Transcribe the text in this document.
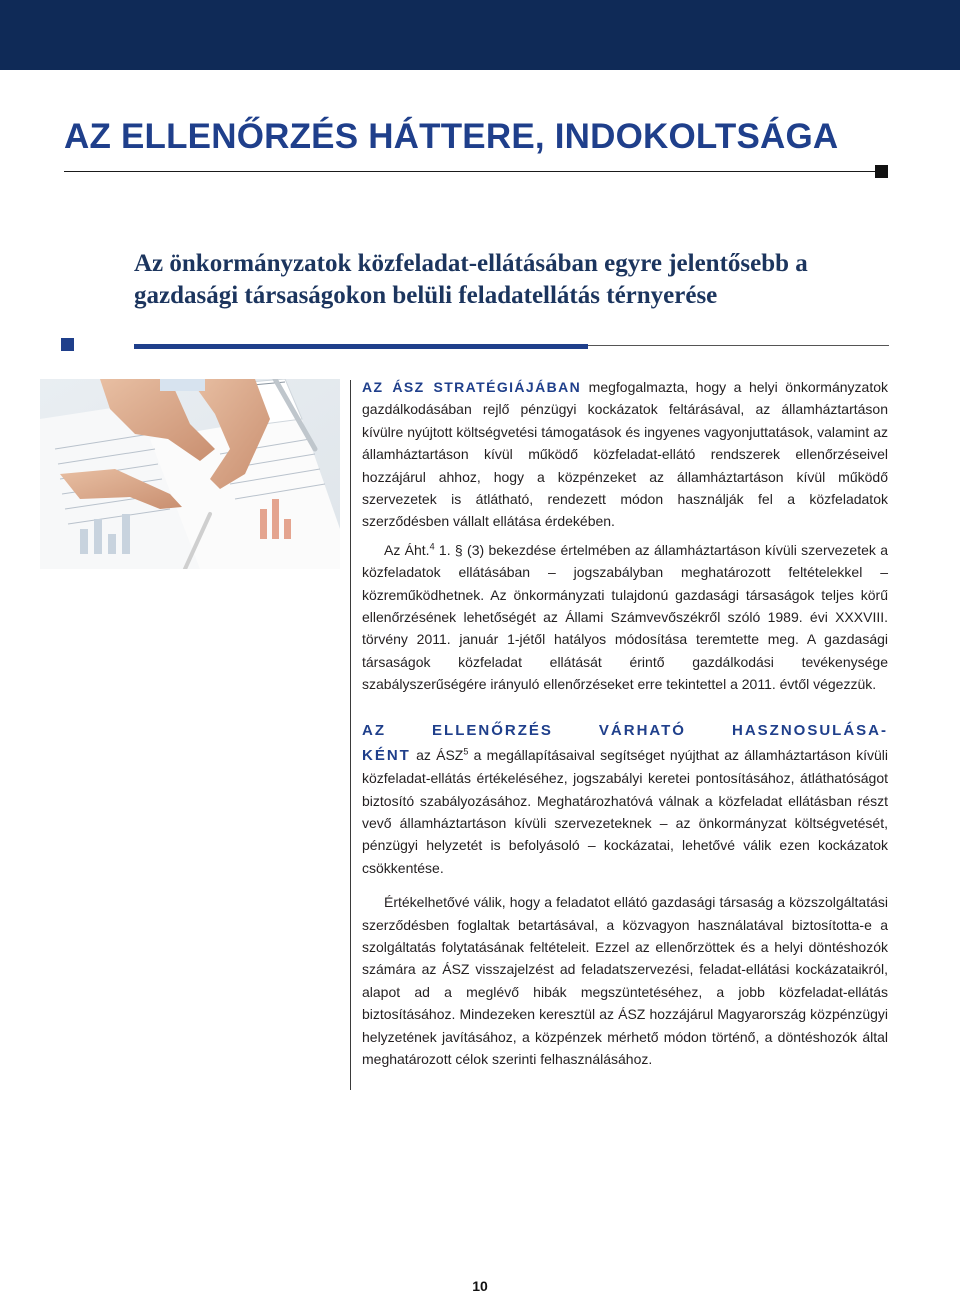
AZ ELLENŐRZÉS HÁTTERE, INDOKOLTSÁGA
Az önkormányzatok közfeladat-ellátásában egyre jelentősebb a gazdasági társaságokon belüli feladatellátás térnyerése

AZ ÁSZ STRATÉGIÁJÁBAN megfogalmazta, hogy a helyi önkormányzatok gazdálkodásában rejlő pénzügyi kockázatok feltárásával, az államháztartáson kívülre nyújtott költségvetési támogatások és ingyenes vagyonjuttatások, valamint az államháztartáson kívül működő közfeladat-ellátó rendszerek ellenőrzéseivel hozzájárul ahhoz, hogy a közpénzeket az államháztartáson kívül működő szervezetek is átlátható, rendezett módon használják fel a közfeladatok szerződésben vállalt ellátása érdekében.

Az Áht.$^4$ 1. § (3) bekezdése értelmében az államháztartáson kívüli szervezetek a közfeladatok ellátásában – jogszabályban meghatározott feltételekkel – közreműködhetnek. Az önkormányzati tulajdonú gazdasági társaságok teljes körű ellenőrzésének lehetőségét az Állami Számvevőszékről szóló 1989. évi XXXVIII. törvény 2011. január 1-jétől hatályos módosítása teremtette meg. A gazdasági társaságok közfeladat ellátását érintő gazdálkodási tevékenysége szabályszerűségére irányuló ellenőrzéseket erre tekintettel a 2011. évtől végezzük.

AZ ELLENŐRZÉS VÁRHATÓ HASZNOSULÁSA-

KÉNT az ÁSZ$^5$ a megállapításaival segítséget nyújthat az államháztartáson kívüli közfeladat-ellátás értékeléséhez, jogszabályi keretei pontosításához, átláthatóságot biztosító szabályozásához. Meghatározhatóvá válnak a közfeladat ellátásban részt vevő államháztartáson kívüli szervezeteknek – az önkormányzat költségvetését, pénzügyi helyzetét is befolyásoló – kockázatai, lehetővé válik ezen kockázatok csökkentése.

Értékelhetővé válik, hogy a feladatot ellátó gazdasági társaság a közszolgáltatási szerződésben foglaltak betartásával, a közvagyon használatával biztosította-e a szolgáltatás folytatásának feltételeit. Ezzel az ellenőrzöttek és a helyi döntéshozók számára az ÁSZ visszajelzést ad feladatszervezési, feladat-ellátási kockázataikról, alapot ad a meglévő hibák megszüntetéséhez, a jobb közfeladat-ellátás biztosításához. Mindezeken keresztül az ÁSZ hozzájárul Magyarország közpénzügyi helyzetének javításához, a közpénzek mérhető módon történő, a döntéshozók által meghatározott célok szerinti felhasználásához.

10
